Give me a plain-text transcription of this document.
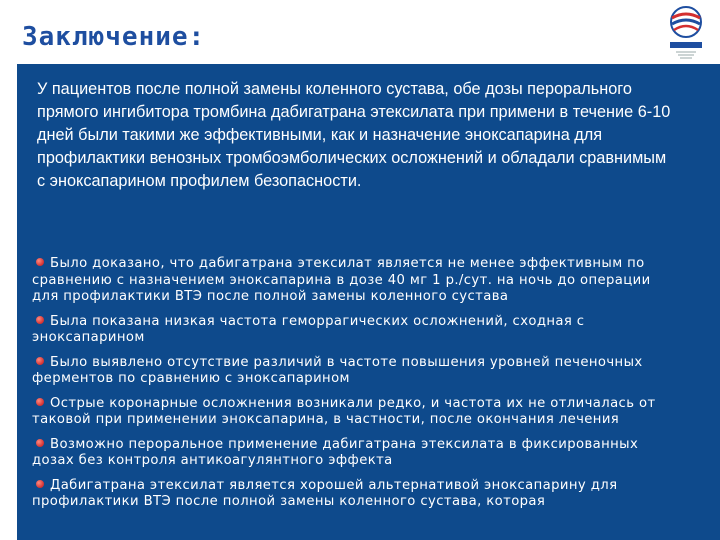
Заключение:
У пациентов после полной замены коленного сустава, обе дозы перорального прямого ингибитора тромбина дабигатрана этексилата при примени в течение 6-10 дней были такими же эффективными, как и назначение эноксапарина для профилактики венозных тромбоэмболических осложнений и обладали сравнимым с эноксапарином профилем безопасности.
Было доказано, что дабигатрана этексилат является не менее эффективным по сравнению с назначением эноксапарина в дозе 40 мг 1 р./сут. на ночь до операции для профилактики ВТЭ после полной замены коленного сустава
Была показана низкая частота геморрагических осложнений, сходная с эноксапарином
Было выявлено отсутствие различий в частоте повышения уровней печеночных ферментов по сравнению с эноксапарином
Острые коронарные осложнения возникали редко, и частота их не отличалась от таковой при применении эноксапарина, в частности, после окончания лечения
Возможно пероральное применение дабигатрана этексилата в фиксированных дозах без контроля антикоагулянтного эффекта
Дабигатрана этексилат является хорошей альтернативой эноксапарину для профилактики ВТЭ после полной замены коленного сустава, которая
